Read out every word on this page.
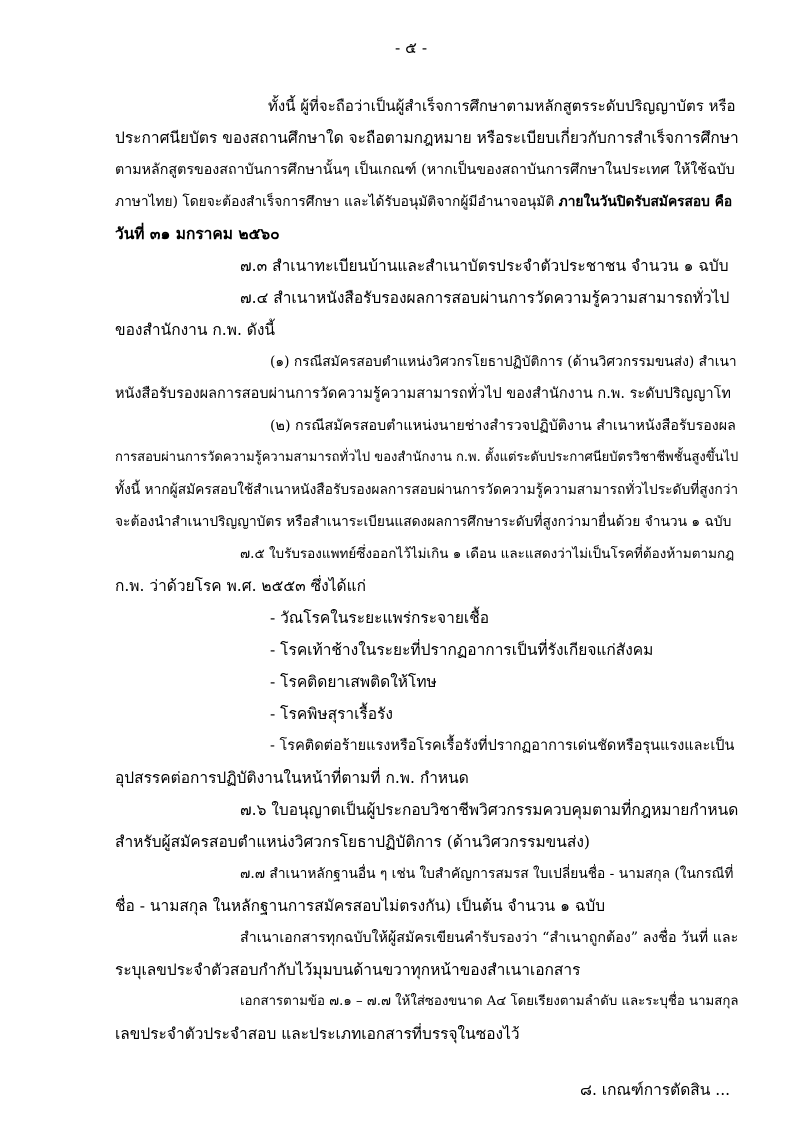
- ๕ -
ทั้งนี้ ผู้ที่จะถือว่าเป็นผู้สำเร็จการศึกษาตามหลักสูตรระดับปริญญาบัตร หรือ
ประกาศนียบัตร ของสถานศึกษาใด จะถือตามกฎหมาย หรือระเบียบเกี่ยวกับการสำเร็จการศึกษา
ตามหลักสูตรของสถาบันการศึกษานั้นๆ เป็นเกณฑ์ (หากเป็นของสถาบันการศึกษาในประเทศ ให้ใช้ฉบับ
ภาษาไทย) โดยจะต้องสำเร็จการศึกษา และได้รับอนุมัติจากผู้มีอำนาจอนุมัติ ภายในวันปิดรับสมัครสอบ คือ
วันที่ ๓๑ มกราคม ๒๕๖๐
๗.๓ สำเนาทะเบียนบ้านและสำเนาบัตรประจำตัวประชาชน จำนวน ๑ ฉบับ
๗.๔ สำเนาหนังสือรับรองผลการสอบผ่านการวัดความรู้ความสามารถทั่วไป
ของสำนักงาน ก.พ. ดังนี้
(๑) กรณีสมัครสอบตำแหน่งวิศวกรโยธาปฏิบัติการ (ด้านวิศวกรรมขนส่ง) สำเนา
หนังสือรับรองผลการสอบผ่านการวัดความรู้ความสามารถทั่วไป ของสำนักงาน ก.พ. ระดับปริญญาโท
(๒) กรณีสมัครสอบตำแหน่งนายช่างสำรวจปฏิบัติงาน สำเนาหนังสือรับรองผล
การสอบผ่านการวัดความรู้ความสามารถทั่วไป ของสำนักงาน ก.พ. ตั้งแต่ระดับประกาศนียบัตรวิชาชีพชั้นสูงขึ้นไป
ทั้งนี้ หากผู้สมัครสอบใช้สำเนาหนังสือรับรองผลการสอบผ่านการวัดความรู้ความสามารถทั่วไประดับที่สูงกว่า
จะต้องนำสำเนาปริญญาบัตร หรือสำเนาระเบียนแสดงผลการศึกษาระดับที่สูงกว่ามายื่นด้วย จำนวน ๑ ฉบับ
๗.๕ ใบรับรองแพทย์ซึ่งออกไว้ไม่เกิน ๑ เดือน และแสดงว่าไม่เป็นโรคที่ต้องห้ามตามกฎ
ก.พ. ว่าด้วยโรค พ.ศ. ๒๕๕๓ ซึ่งได้แก่
- วัณโรคในระยะแพร่กระจายเชื้อ
- โรคเท้าช้างในระยะที่ปรากฏอาการเป็นที่รังเกียจแก่สังคม
- โรคติดยาเสพติดให้โทษ
- โรคพิษสุราเรื้อรัง
- โรคติดต่อร้ายแรงหรือโรคเรื้อรังที่ปรากฏอาการเด่นชัดหรือรุนแรงและเป็น
อุปสรรคต่อการปฏิบัติงานในหน้าที่ตามที่ ก.พ. กำหนด
๗.๖ ใบอนุญาตเป็นผู้ประกอบวิชาชีพวิศวกรรมควบคุมตามที่กฎหมายกำหนด
สำหรับผู้สมัครสอบตำแหน่งวิศวกรโยธาปฏิบัติการ (ด้านวิศวกรรมขนส่ง)
๗.๗ สำเนาหลักฐานอื่น ๆ เช่น ใบสำคัญการสมรส ใบเปลี่ยนชื่อ - นามสกุล (ในกรณีที่
ชื่อ - นามสกุล ในหลักฐานการสมัครสอบไม่ตรงกัน) เป็นต้น จำนวน ๑ ฉบับ
สำเนาเอกสารทุกฉบับให้ผู้สมัครเขียนคำรับรองว่า “สำเนาถูกต้อง” ลงชื่อ วันที่ และ
ระบุเลขประจำตัวสอบกำกับไว้มุมบนด้านขวาทุกหน้าของสำเนาเอกสาร
เอกสารตามข้อ ๗.๑ – ๗.๗ ให้ใส่ซองขนาด A๔ โดยเรียงตามลำดับ และระบุชื่อ นามสกุล
เลขประจำตัวประจำสอบ และประเภทเอกสารที่บรรจุในซองไว้
๘. เกณฑ์การตัดสิน ...
